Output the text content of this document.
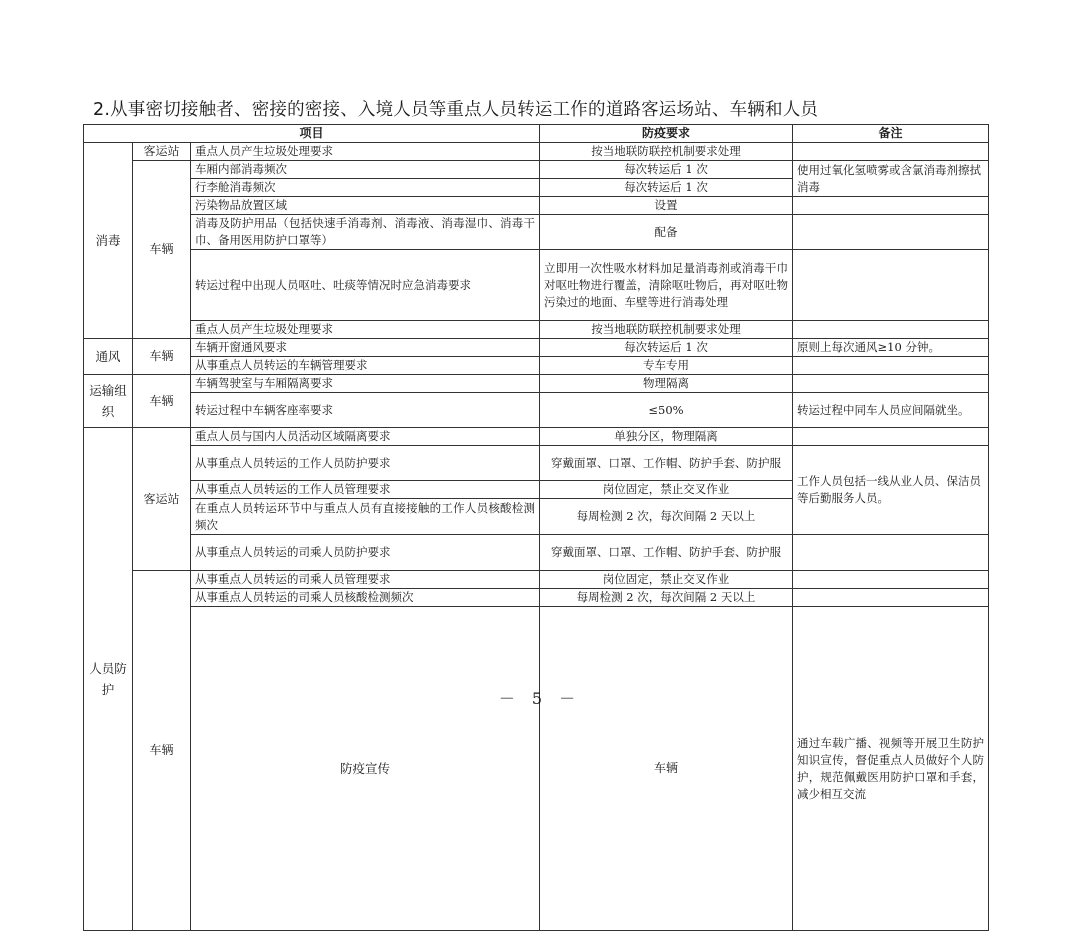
2.从事密切接触者、密接的密接、入境人员等重点人员转运工作的道路客运场站、车辆和人员
项目			防疫要求	备注	
消毒	客运站	重点人员产生垃圾处理要求	按当地联防联控机制要求处理		
	车辆	车厢内部消毒频次	每次转运后 1 次	使用过氧化氢喷雾或含氯消毒剂擦拭消毒	
		行李舱消毒频次	每次转运后 1 次		
		污染物品放置区域	设置		
		消毒及防护用品（包括快速手消毒剂、消毒液、消毒湿巾、消毒干巾、备用医用防护口罩等）	配备		
		转运过程中出现人员呕吐、吐痰等情况时应急消毒要求	立即用一次性吸水材料加足量消毒剂或消毒干巾对呕吐物进行覆盖，清除呕吐物后，再对呕吐物污染过的地面、车壁等进行消毒处理		
		重点人员产生垃圾处理要求	按当地联防联控机制要求处理		
通风	车辆	车辆开窗通风要求	每次转运后 1 次	原则上每次通风≥10 分钟。	
		从事重点人员转运的车辆管理要求	专车专用		
运输组织	车辆	车辆驾驶室与车厢隔离要求	物理隔离		
		转运过程中车辆客座率要求	≤50%	转运过程中同车人员应间隔就坐。	
人员防护	客运站	重点人员与国内人员活动区域隔离要求	单独分区，物理隔离		
		从事重点人员转运的工作人员防护要求	穿戴面罩、口罩、工作帽、防护手套、防护服	工作人员包括一线从业人员、保洁员等后勤服务人员。	
		从事重点人员转运的工作人员管理要求	岗位固定，禁止交叉作业		
		在重点人员转运环节中与重点人员有直接接触的工作人员核酸检测频次	每周检测 2 次，每次间隔 2 天以上		
		从事重点人员转运的司乘人员防护要求	穿戴面罩、口罩、工作帽、防护手套、防护服		
	车辆	从事重点人员转运的司乘人员管理要求	岗位固定，禁止交叉作业		
		从事重点人员转运的司乘人员核酸检测频次	每周检测 2 次，每次间隔 2 天以上		
		防疫宣传	车辆	通过车载广播、视频等开展卫生防护知识宣传，督促重点人员做好个人防护，规范佩戴医用防护口罩和手套，减少相互交流		
－ 5 －
